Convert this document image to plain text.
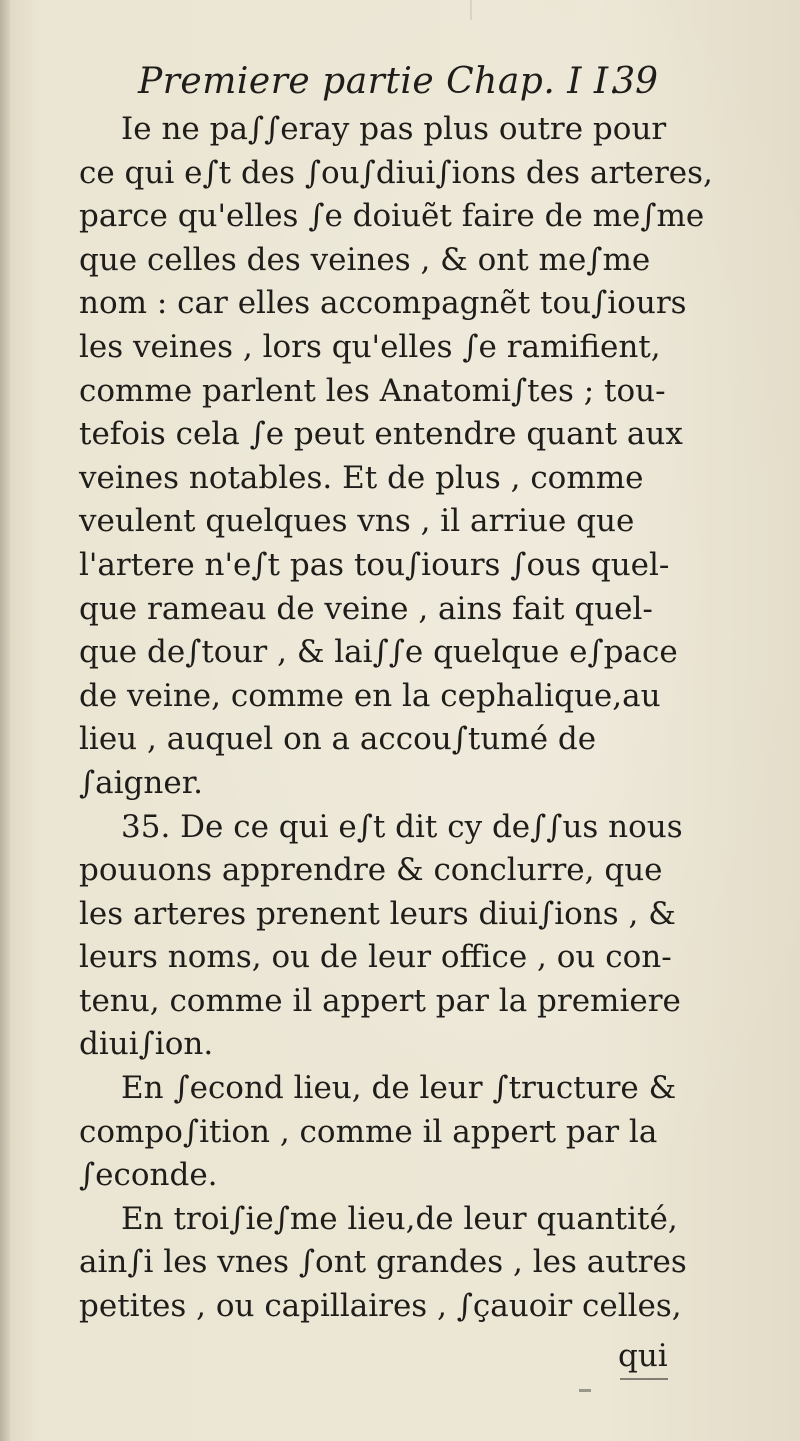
Premiere partie Chap. I I.
39
Ie ne pa∫∫eray pas plus outre pour
ce qui e∫t des ∫ou∫diui∫ions des arteres,
parce qu'elles ∫e doiuẽt faire de me∫me
que celles des veines , & ont me∫me
nom : car elles accompagnẽt tou∫iours
les veines , lors qu'elles ∫e ramifient,
comme parlent les Anatomi∫tes ; tou-
tefois cela ∫e peut entendre quant aux
veines notables. Et de plus , comme
veulent quelques vns , il arriue que
l'artere n'e∫t pas tou∫iours ∫ous quel-
que rameau de veine , ains fait quel-
que de∫tour , & lai∫∫e quelque e∫pace
de veine, comme en la cephalique,au
lieu , auquel on a accou∫tumé de
∫aigner.
35. De ce qui e∫t dit cy de∫∫us nous
pouuons apprendre & conclurre, que
les arteres prenent leurs diui∫ions , &
leurs noms, ou de leur office , ou con-
tenu, comme il appert par la premiere
diui∫ion.
En ∫econd lieu, de leur ∫tructure &
compo∫ition , comme il appert par la
∫econde.
En troi∫ie∫me lieu,de leur quantité,
ain∫i les vnes ∫ont grandes , les autres
petites , ou capillaires , ∫çauoir celles,
qui
